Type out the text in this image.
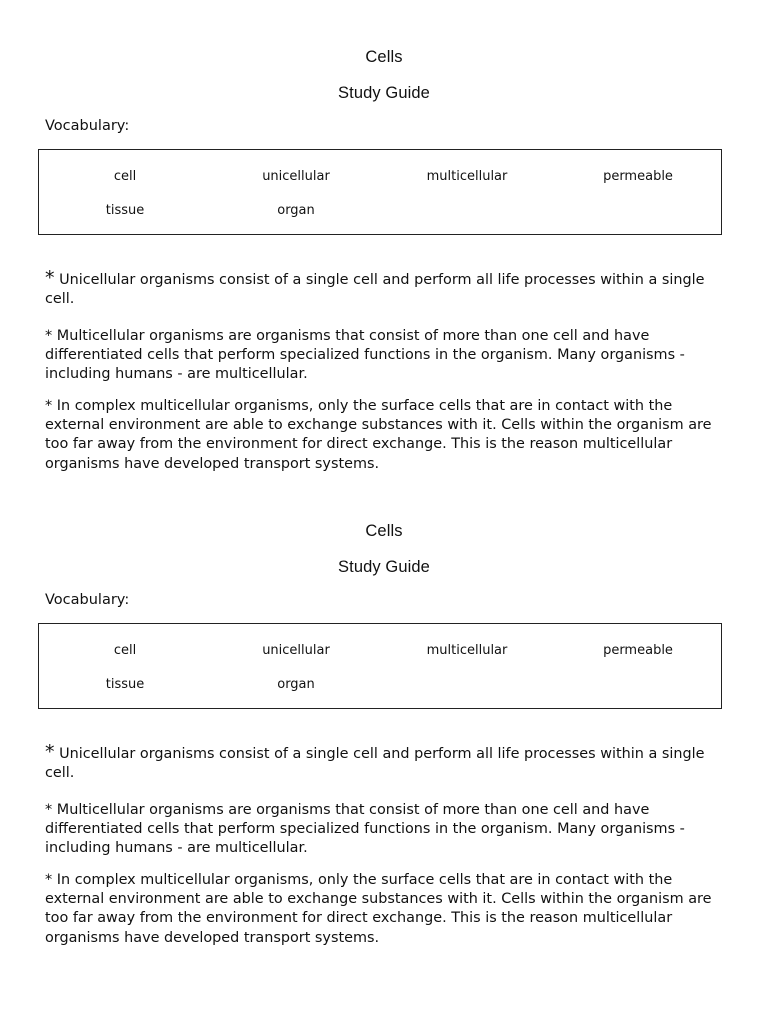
Cells
Study Guide

Vocabulary:

cell	unicellular	multicellular	permeable
tissue	organ

* Unicellular organisms consist of a single cell and perform all life processes within a single cell.

* Multicellular organisms are organisms that consist of more than one cell and have differentiated cells that perform specialized functions in the organism. Many organisms - including humans - are multicellular.

* In complex multicellular organisms, only the surface cells that are in contact with the external environment are able to exchange substances with it. Cells within the organism are too far away from the environment for direct exchange. This is the reason multicellular organisms have developed transport systems.

Cells
Study Guide

Vocabulary:

cell	unicellular	multicellular	permeable
tissue	organ

* Unicellular organisms consist of a single cell and perform all life processes within a single cell.

* Multicellular organisms are organisms that consist of more than one cell and have differentiated cells that perform specialized functions in the organism. Many organisms - including humans - are multicellular.

* In complex multicellular organisms, only the surface cells that are in contact with the external environment are able to exchange substances with it. Cells within the organism are too far away from the environment for direct exchange. This is the reason multicellular organisms have developed transport systems.
